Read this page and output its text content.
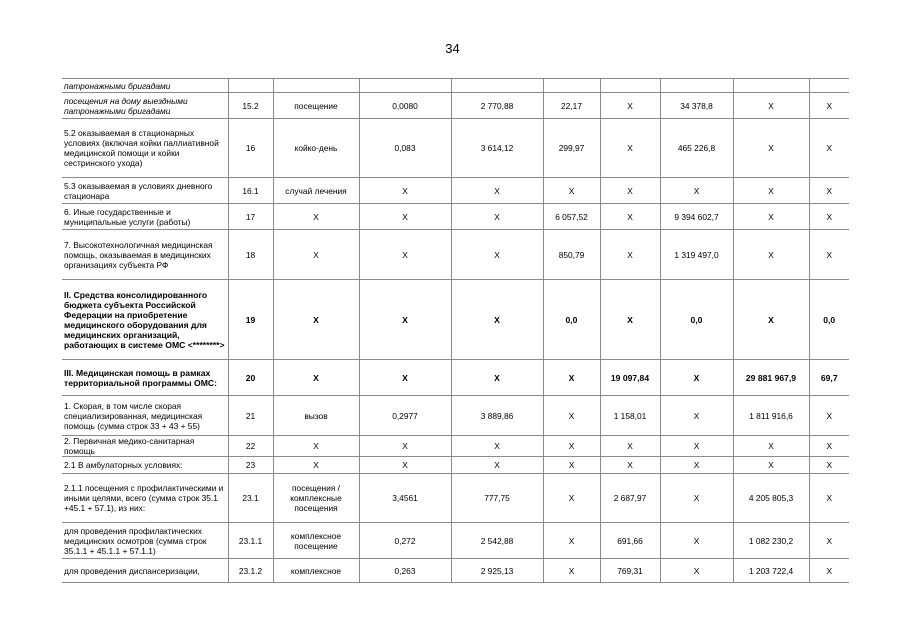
34
патронажными бригадами									
посещения на дому выездными патронажными бригадами	15.2	посещение	0,0080	2 770,88	22,17	X	34 378,8	X	X
5.2 оказываемая в стационарных условиях (включая койки паллиативной медицинской помощи и койки сестринского ухода)	16	койко-день	0,083	3 614,12	299,97	X	465 226,8	X	X
5.3 оказываемая в условиях дневного стационара	16.1	случай лечения	X	X	X	X	X	X	X
6. Иные государственные и муниципальные услуги (работы)	17	X	X	X	6 057,52	X	9 394 602,7	X	X
7. Высокотехнологичная медицинская помощь, оказываемая в медицинских организациях субъекта РФ	18	X	X	X	850,79	X	1 319 497,0	X	X
II. Средства консолидированного бюджета субъекта Российской Федерации на приобретение медицинского оборудования для медицинских организаций, работающих в системе ОМС <********>	19	X	X	X	0,0	X	0,0	X	0,0
III. Медицинская помощь в рамках территориальной программы ОМС:	20	X	X	X	X	19 097,84	X	29 881 967,9	69,7
1. Скорая, в том числе скорая специализированная, медицинская помощь (сумма строк 33 + 43 + 55)	21	вызов	0,2977	3 889,86	X	1 158,01	X	1 811 916,6	X
2. Первичная медико-санитарная помощь	22	X	X	X	X	X	X	X	X
2.1 В амбулаторных условиях:	23	X	X	X	X	X	X	X	X
2.1.1 посещения с профилактическими и иными целями, всего (сумма строк 35.1 +45.1 + 57.1), из них:	23.1	посещения / комплексные посещения	3,4561	777,75	X	2 687,97	X	4 205 805,3	X
для проведения профилактических медицинских осмотров (сумма строк 35.1.1 + 45.1.1 + 57.1.1)	23.1.1	комплексное посещение	0,272	2 542,88	X	691,66	X	1 082 230,2	X
для проведения диспансеризации,	23.1.2	комплексное	0,263	2 925,13	X	769,31	X	1 203 722,4	X
